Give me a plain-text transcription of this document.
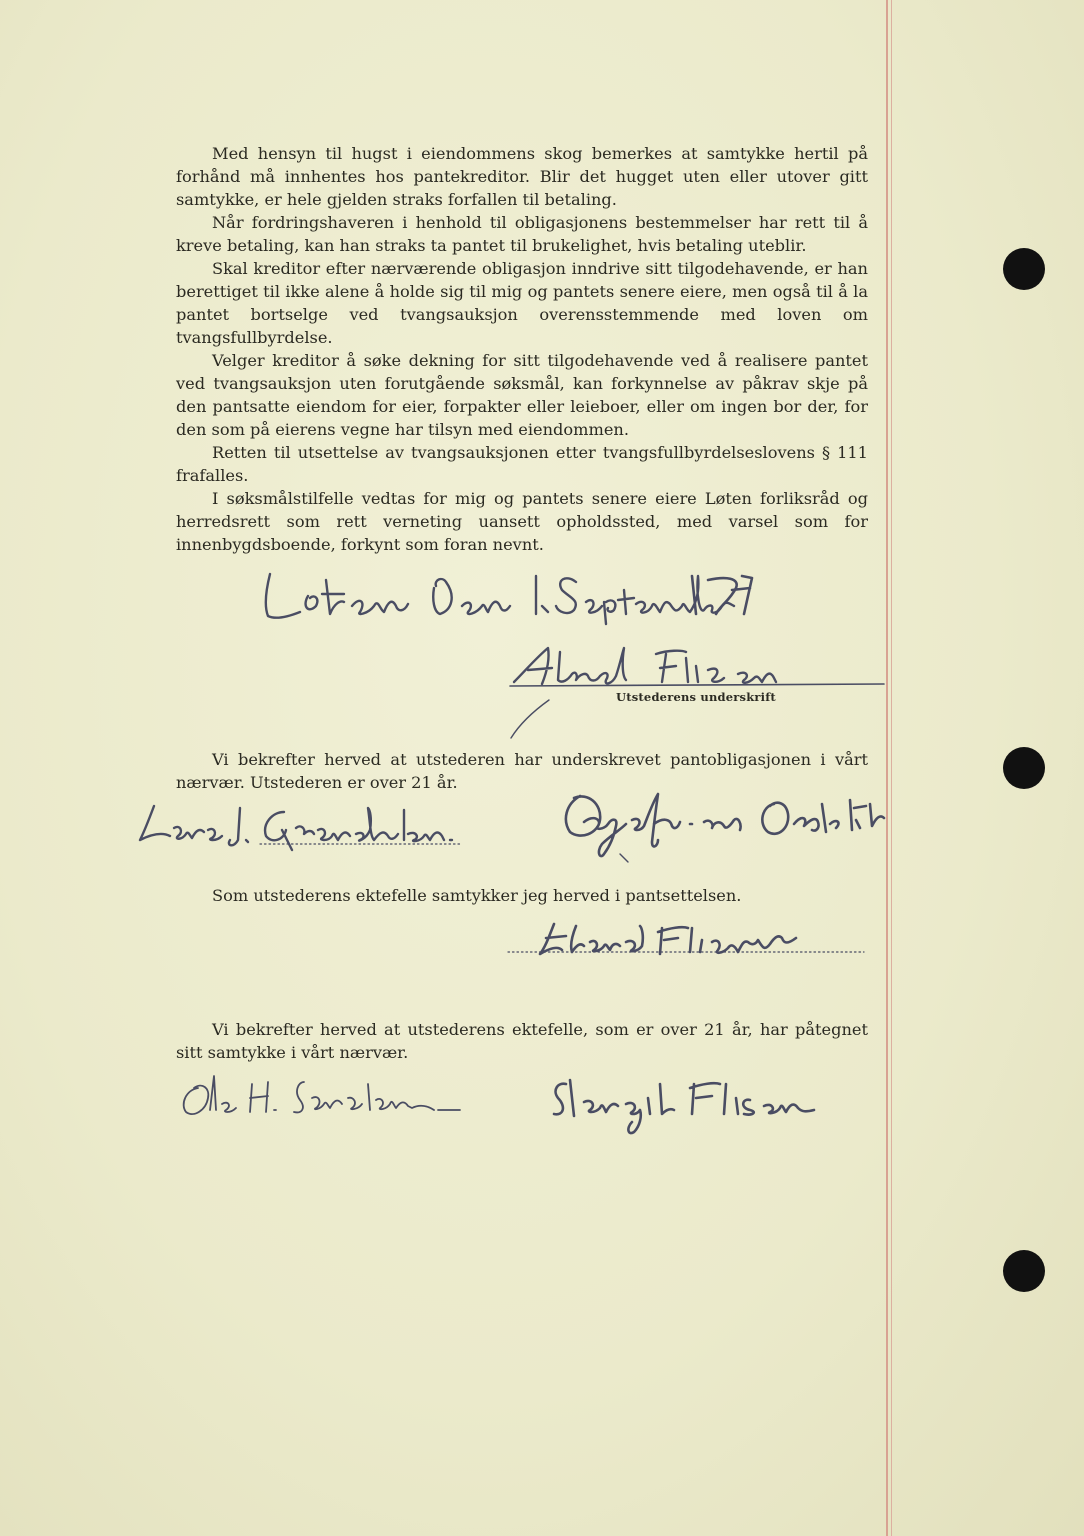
Med hensyn til hugst i eiendommens skog bemerkes at samtykke hertil på forhånd må innhentes hos pantekreditor. Blir det hugget uten eller utover gitt samtykke, er hele gjelden straks forfallen til betaling.

Når fordringshaveren i henhold til obligasjonens bestemmelser har rett til å kreve betaling, kan han straks ta pantet til brukelighet, hvis betaling uteblir.

Skal kreditor efter nærværende obligasjon inndrive sitt tilgodehavende, er han berettiget til ikke alene å holde sig til mig og pantets senere eiere, men også til å la pantet bortselge ved tvangsauksjon overensstemmende med loven om tvangsfullbyrdelse.

Velger kreditor å søke dekning for sitt tilgodehavende ved å realisere pantet ved tvangsauksjon uten forutgående søksmål, kan forkynnelse av påkrav skje på den pantsatte eiendom for eier, forpakter eller leieboer, eller om ingen bor der, for den som på eierens vegne har tilsyn med eiendommen.

Retten til utsettelse av tvangsauksjonen etter tvangsfullbyrdelseslovens § 111 frafalles.

I søksmålstilfelle vedtas for mig og pantets senere eiere Løten forliksråd og herredsrett som rett verneting uansett opholdssted, med varsel som for innenbygdsboende, forkynt som foran nevnt.

Utstederens underskrift

Vi bekrefter herved at utstederen har underskrevet pantobligasjonen i vårt nærvær. Utstederen er over 21 år.

Som utstederens ektefelle samtykker jeg herved i pantsettelsen.

Vi bekrefter herved at utstederens ektefelle, som er over 21 år, har påtegnet sitt samtykke i vårt nærvær.
